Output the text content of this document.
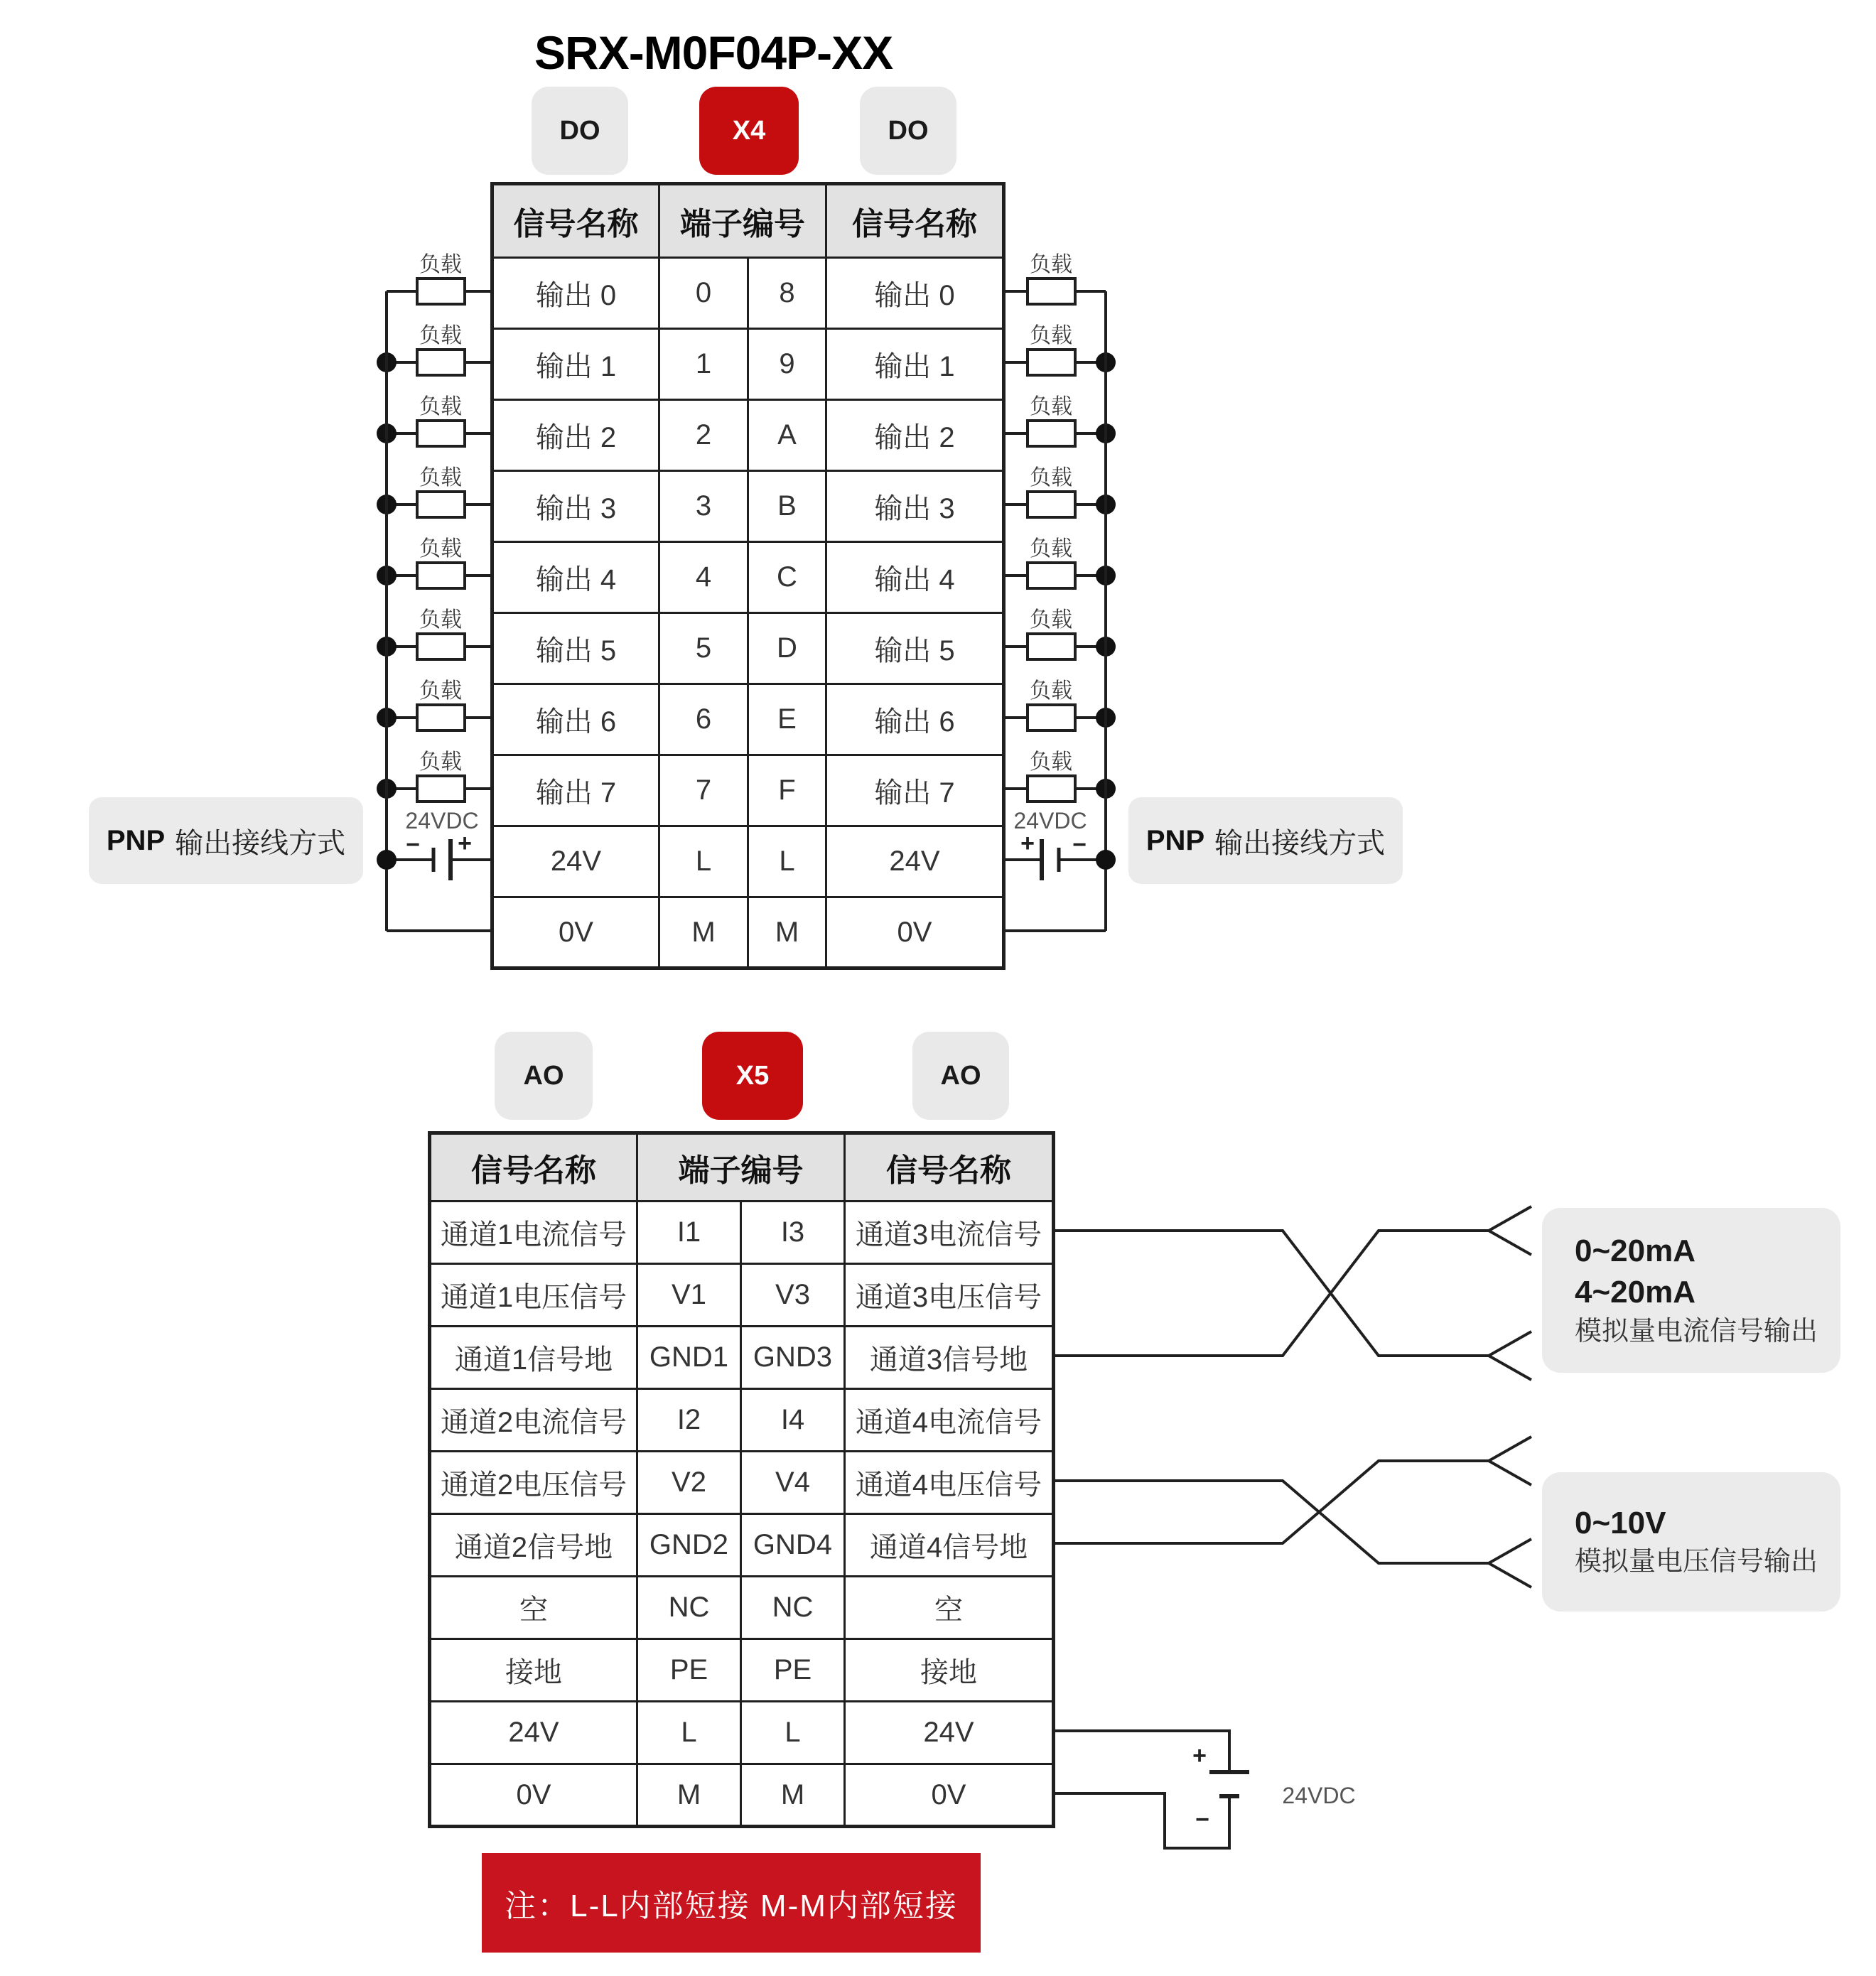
负载
负载
负载
负载
负载
负载
负载
负载
− +
24VDC
负载
负载
负载
负载
负载
负载
负载
负载
+ −
24VDC
+
−
24VDC
SRX-M0F04P-XX
DO	X4	DO
信号名称	端子编号		信号名称
输出 0	0	8	输出 0
输出 1	1	9	输出 1
输出 2	2	A	输出 2
输出 3	3	B	输出 3
输出 4	4	C	输出 4
输出 5	5	D	输出 5
输出 6	6	E	输出 6
输出 7	7	F	输出 7
24V	L	L	24V
0V	M	M	0V
PNP 输出接线方式	PNP 输出接线方式
AO	X5	AO
信号名称	端子编号		信号名称
通道1电流信号	I1	I3	通道3电流信号
通道1电压信号	V1	V3	通道3电压信号
通道1信号地	GND1	GND3	通道3信号地
通道2电流信号	I2	I4	通道4电流信号
通道2电压信号	V2	V4	通道4电压信号
通道2信号地	GND2	GND4	通道4信号地
空	NC	NC	空
接地	PE	PE	接地
24V	L	L	24V
0V	M	M	0V
0~20mA
4~20mA
模拟量电流信号输出
0~10V
模拟量电压信号输出
注：L-L内部短接 M-M内部短接
